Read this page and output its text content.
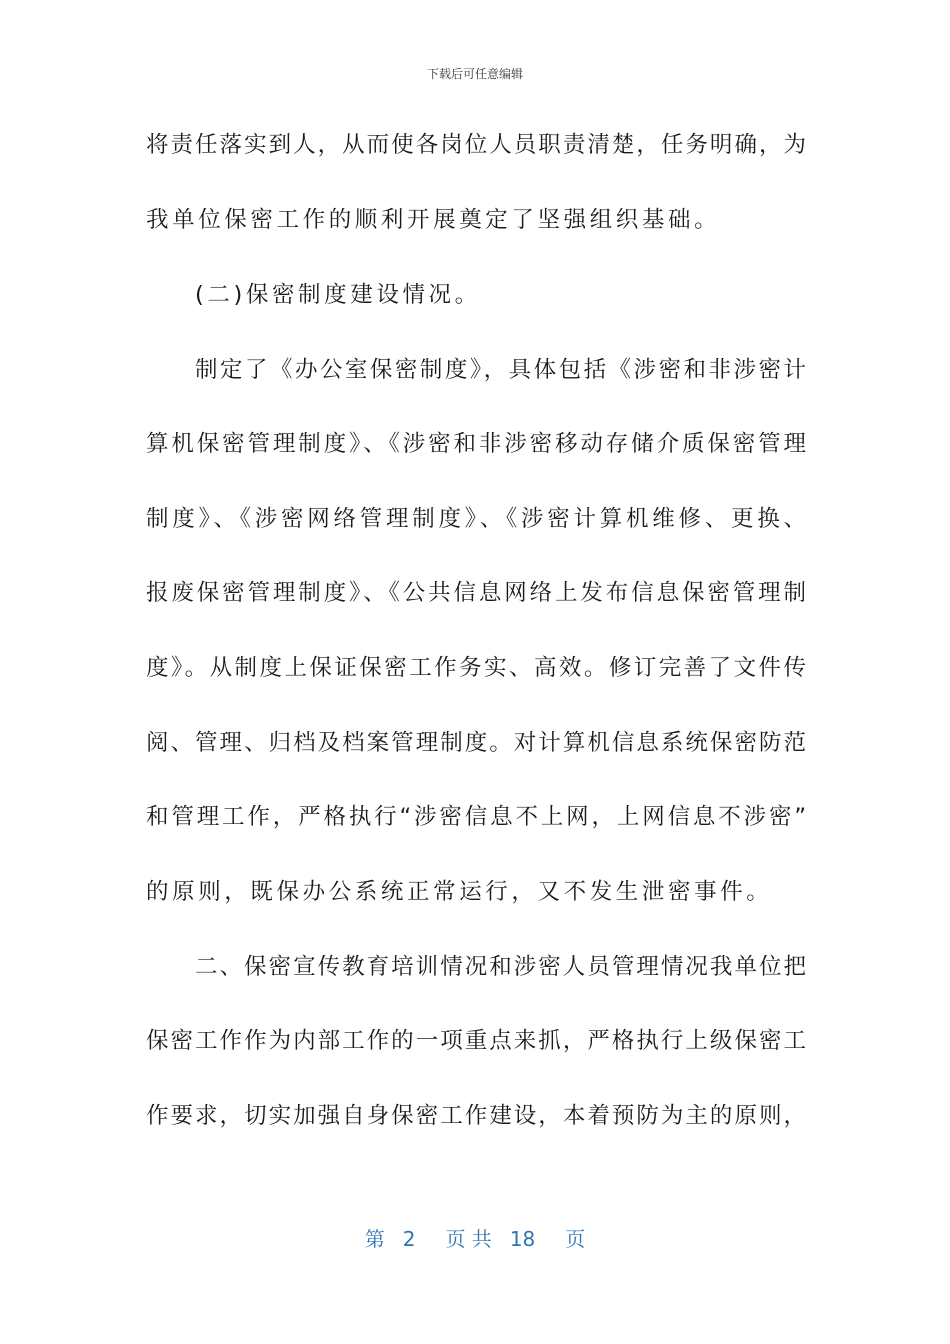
下载后可任意编辑
将责任落实到人，从而使各岗位人员职责清楚，任务明确，为
我单位保密工作的顺利开展奠定了坚强组织基础。
(二)保密制度建设情况。
制定了《办公室保密制度》，具体包括《涉密和非涉密计
算机保密管理制度》、《涉密和非涉密移动存储介质保密管理
制度》、《涉密网络管理制度》、《涉密计算机维修、更换、
报废保密管理制度》、《公共信息网络上发布信息保密管理制
度》。从制度上保证保密工作务实、高效。修订完善了文件传
阅、管理、归档及档案管理制度。对计算机信息系统保密防范
和管理工作，严格执行“涉密信息不上网，上网信息不涉密”
的原则，既保办公系统正常运行，又不发生泄密事件。
二、保密宣传教育培训情况和涉密人员管理情况我单位把
保密工作作为内部工作的一项重点来抓，严格执行上级保密工
作要求，切实加强自身保密工作建设，本着预防为主的原则，
第 2 页 共 18 页
